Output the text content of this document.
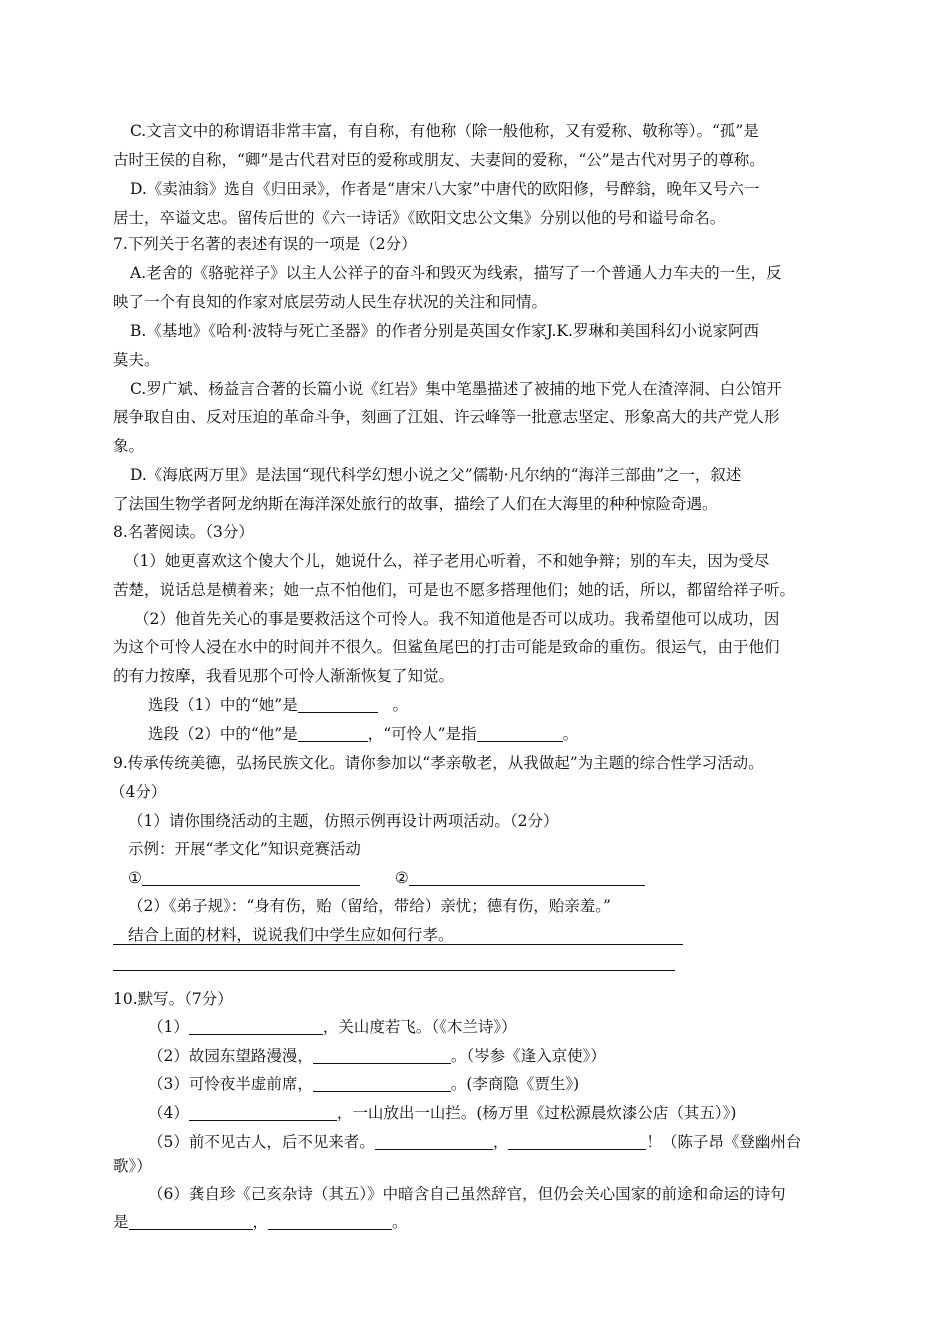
C.文言文中的称谓语非常丰富，有自称，有他称（除一般他称，又有爱称、敬称等）。“孤”是
古时王侯的自称，“卿”是古代君对臣的爱称或朋友、夫妻间的爱称，“公”是古代对男子的尊称。
D.《卖油翁》选自《归田录》，作者是“唐宋八大家”中唐代的欧阳修，号醉翁，晚年又号六一
居士，卒谥文忠。留传后世的《六一诗话》《欧阳文忠公文集》分别以他的号和谥号命名。
7.下列关于名著的表述有误的一项是（2分）
A.老舍的《骆驼祥子》以主人公祥子的奋斗和毁灭为线索，描写了一个普通人力车夫的一生，反
映了一个有良知的作家对底层劳动人民生存状况的关注和同情。
B.《基地》《哈利·波特与死亡圣器》的作者分别是英国女作家J.K.罗琳和美国科幻小说家阿西
莫夫。
C.罗广斌、杨益言合著的长篇小说《红岩》集中笔墨描述了被捕的地下党人在渣滓洞、白公馆开
展争取自由、反对压迫的革命斗争，刻画了江姐、许云峰等一批意志坚定、形象高大的共产党人形
象。
D.《海底两万里》是法国“现代科学幻想小说之父”儒勒·凡尔纳的“海洋三部曲”之一，叙述
了法国生物学者阿龙纳斯在海洋深处旅行的故事，描绘了人们在大海里的种种惊险奇遇。
8.名著阅读。（3分）
（1）她更喜欢这个傻大个儿，她说什么，祥子老用心听着，不和她争辩；别的车夫，因为受尽
苦楚，说话总是横着来；她一点不怕他们，可是也不愿多搭理他们；她的话，所以，都留给祥子听。
（2）他首先关心的事是要救活这个可怜人。我不知道他是否可以成功。我希望他可以成功，因
为这个可怜人浸在水中的时间并不很久。但鲨鱼尾巴的打击可能是致命的重伤。很运气，由于他们
的有力按摩，我看见那个可怜人渐渐恢复了知觉。
选段（1）中的“她”是	。
选段（2）中的“他”是	，“可怜人”是指	。
9.传承传统美德，弘扬民族文化。请你参加以“孝亲敬老，从我做起”为主题的综合性学习活动。
（4分）
（1）请你围绕活动的主题，仿照示例再设计两项活动。（2分）
示例：开展“孝文化”知识竞赛活动
①	②
（2）《弟子规》：“身有伤，贻（留给，带给）亲忧；德有伤，贻亲羞。”
结合上面的材料，说说我们中学生应如何行孝。
10.默写。（7分）
（1）	，关山度若飞。（《木兰诗》）
（2）故园东望路漫漫，	。（岑参《逢入京使》）
（3）可怜夜半虚前席，	。(李商隐《贾生》)
（4）	，一山放出一山拦。(杨万里《过松源晨炊漆公店（其五）》)
（5）前不见古人，后不见来者。	，	！（陈子昂《登幽州台
歌》）
（6）龚自珍《己亥杂诗（其五）》中暗含自己虽然辞官，但仍会关心国家的前途和命运的诗句
是	，	。
